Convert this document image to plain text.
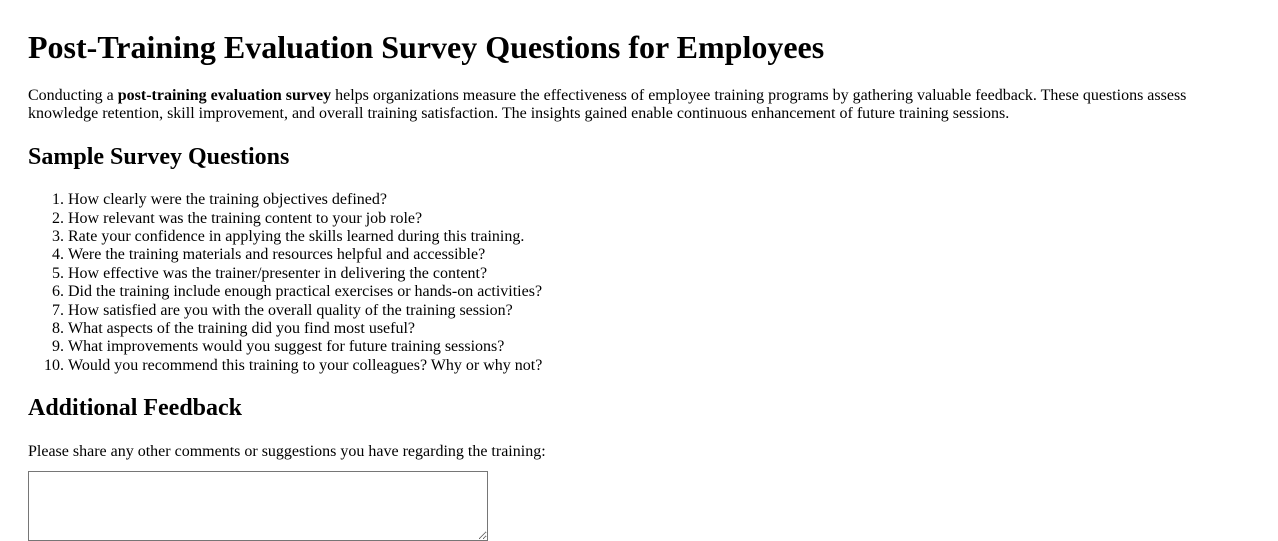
Post-Training Evaluation Survey Questions for Employees

Conducting a post-training evaluation survey helps organizations measure the effectiveness of employee training programs by gathering valuable feedback. These questions assess knowledge retention, skill improvement, and overall training satisfaction. The insights gained enable continuous enhancement of future training sessions.

Sample Survey Questions
1. How clearly were the training objectives defined?
2. How relevant was the training content to your job role?
3. Rate your confidence in applying the skills learned during this training.
4. Were the training materials and resources helpful and accessible?
5. How effective was the trainer/presenter in delivering the content?
6. Did the training include enough practical exercises or hands-on activities?
7. How satisfied are you with the overall quality of the training session?
8. What aspects of the training did you find most useful?
9. What improvements would you suggest for future training sessions?
10. Would you recommend this training to your colleagues? Why or why not?
Additional Feedback

Please share any other comments or suggestions you have regarding the training:
